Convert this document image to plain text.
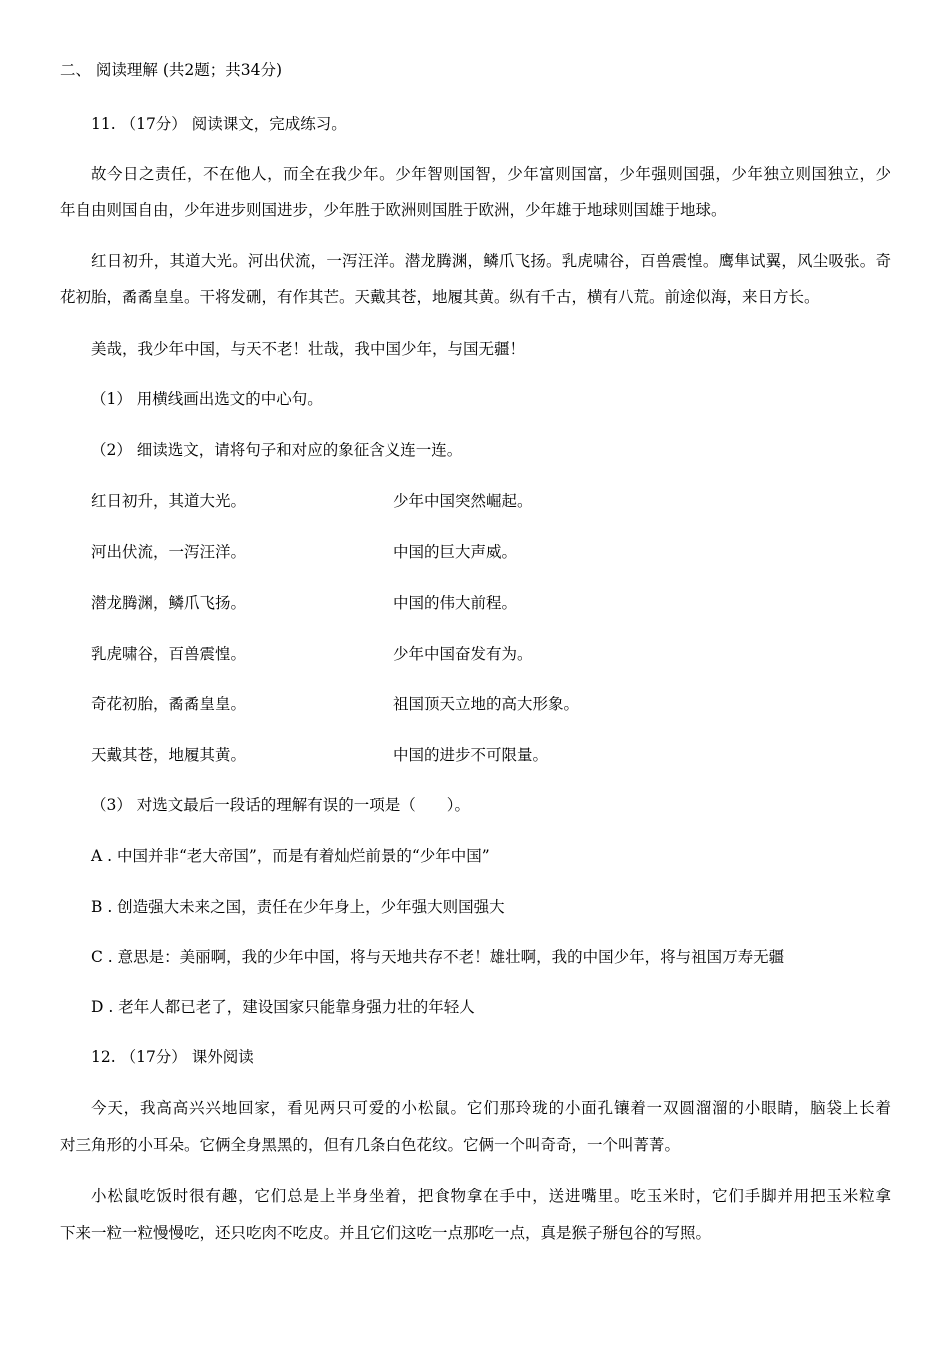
二、 阅读理解 (共2题；共34分)
11. （17分） 阅读课文，完成练习。
故今日之责任，不在他人，而全在我少年。少年智则国智，少年富则国富，少年强则国强，少年独立则国独立，少
年自由则国自由，少年进步则国进步，少年胜于欧洲则国胜于欧洲，少年雄于地球则国雄于地球。
红日初升，其道大光。河出伏流，一泻汪洋。潜龙腾渊，鳞爪飞扬。乳虎啸谷，百兽震惶。鹰隼试翼，风尘吸张。奇
花初胎，矞矞皇皇。干将发硎，有作其芒。天戴其苍，地履其黄。纵有千古，横有八荒。前途似海，来日方长。
美哉，我少年中国，与天不老！壮哉，我中国少年，与国无疆！
（1） 用横线画出选文的中心句。
（2） 细读选文，请将句子和对应的象征含义连一连。
红日初升，其道大光。	少年中国突然崛起。
河出伏流，一泻汪洋。	中国的巨大声威。
潜龙腾渊，鳞爪飞扬。	中国的伟大前程。
乳虎啸谷，百兽震惶。	少年中国奋发有为。
奇花初胎，矞矞皇皇。	祖国顶天立地的高大形象。
天戴其苍，地履其黄。	中国的进步不可限量。
（3） 对选文最后一段话的理解有误的一项是（　　）。
A . 中国并非“老大帝国”，而是有着灿烂前景的“少年中国”
B . 创造强大未来之国，责任在少年身上，少年强大则国强大
C . 意思是：美丽啊，我的少年中国，将与天地共存不老！雄壮啊，我的中国少年，将与祖国万寿无疆
D . 老年人都已老了，建设国家只能靠身强力壮的年轻人
12. （17分） 课外阅读
今天，我高高兴兴地回家，看见两只可爱的小松鼠。它们那玲珑的小面孔镶着一双圆溜溜的小眼睛，脑袋上长着
对三角形的小耳朵。它俩全身黑黑的，但有几条白色花纹。它俩一个叫奇奇，一个叫菁菁。
小松鼠吃饭时很有趣，它们总是上半身坐着，把食物拿在手中，送进嘴里。吃玉米时，它们手脚并用把玉米粒拿
下来一粒一粒慢慢吃，还只吃肉不吃皮。并且它们这吃一点那吃一点，真是猴子掰包谷的写照。
